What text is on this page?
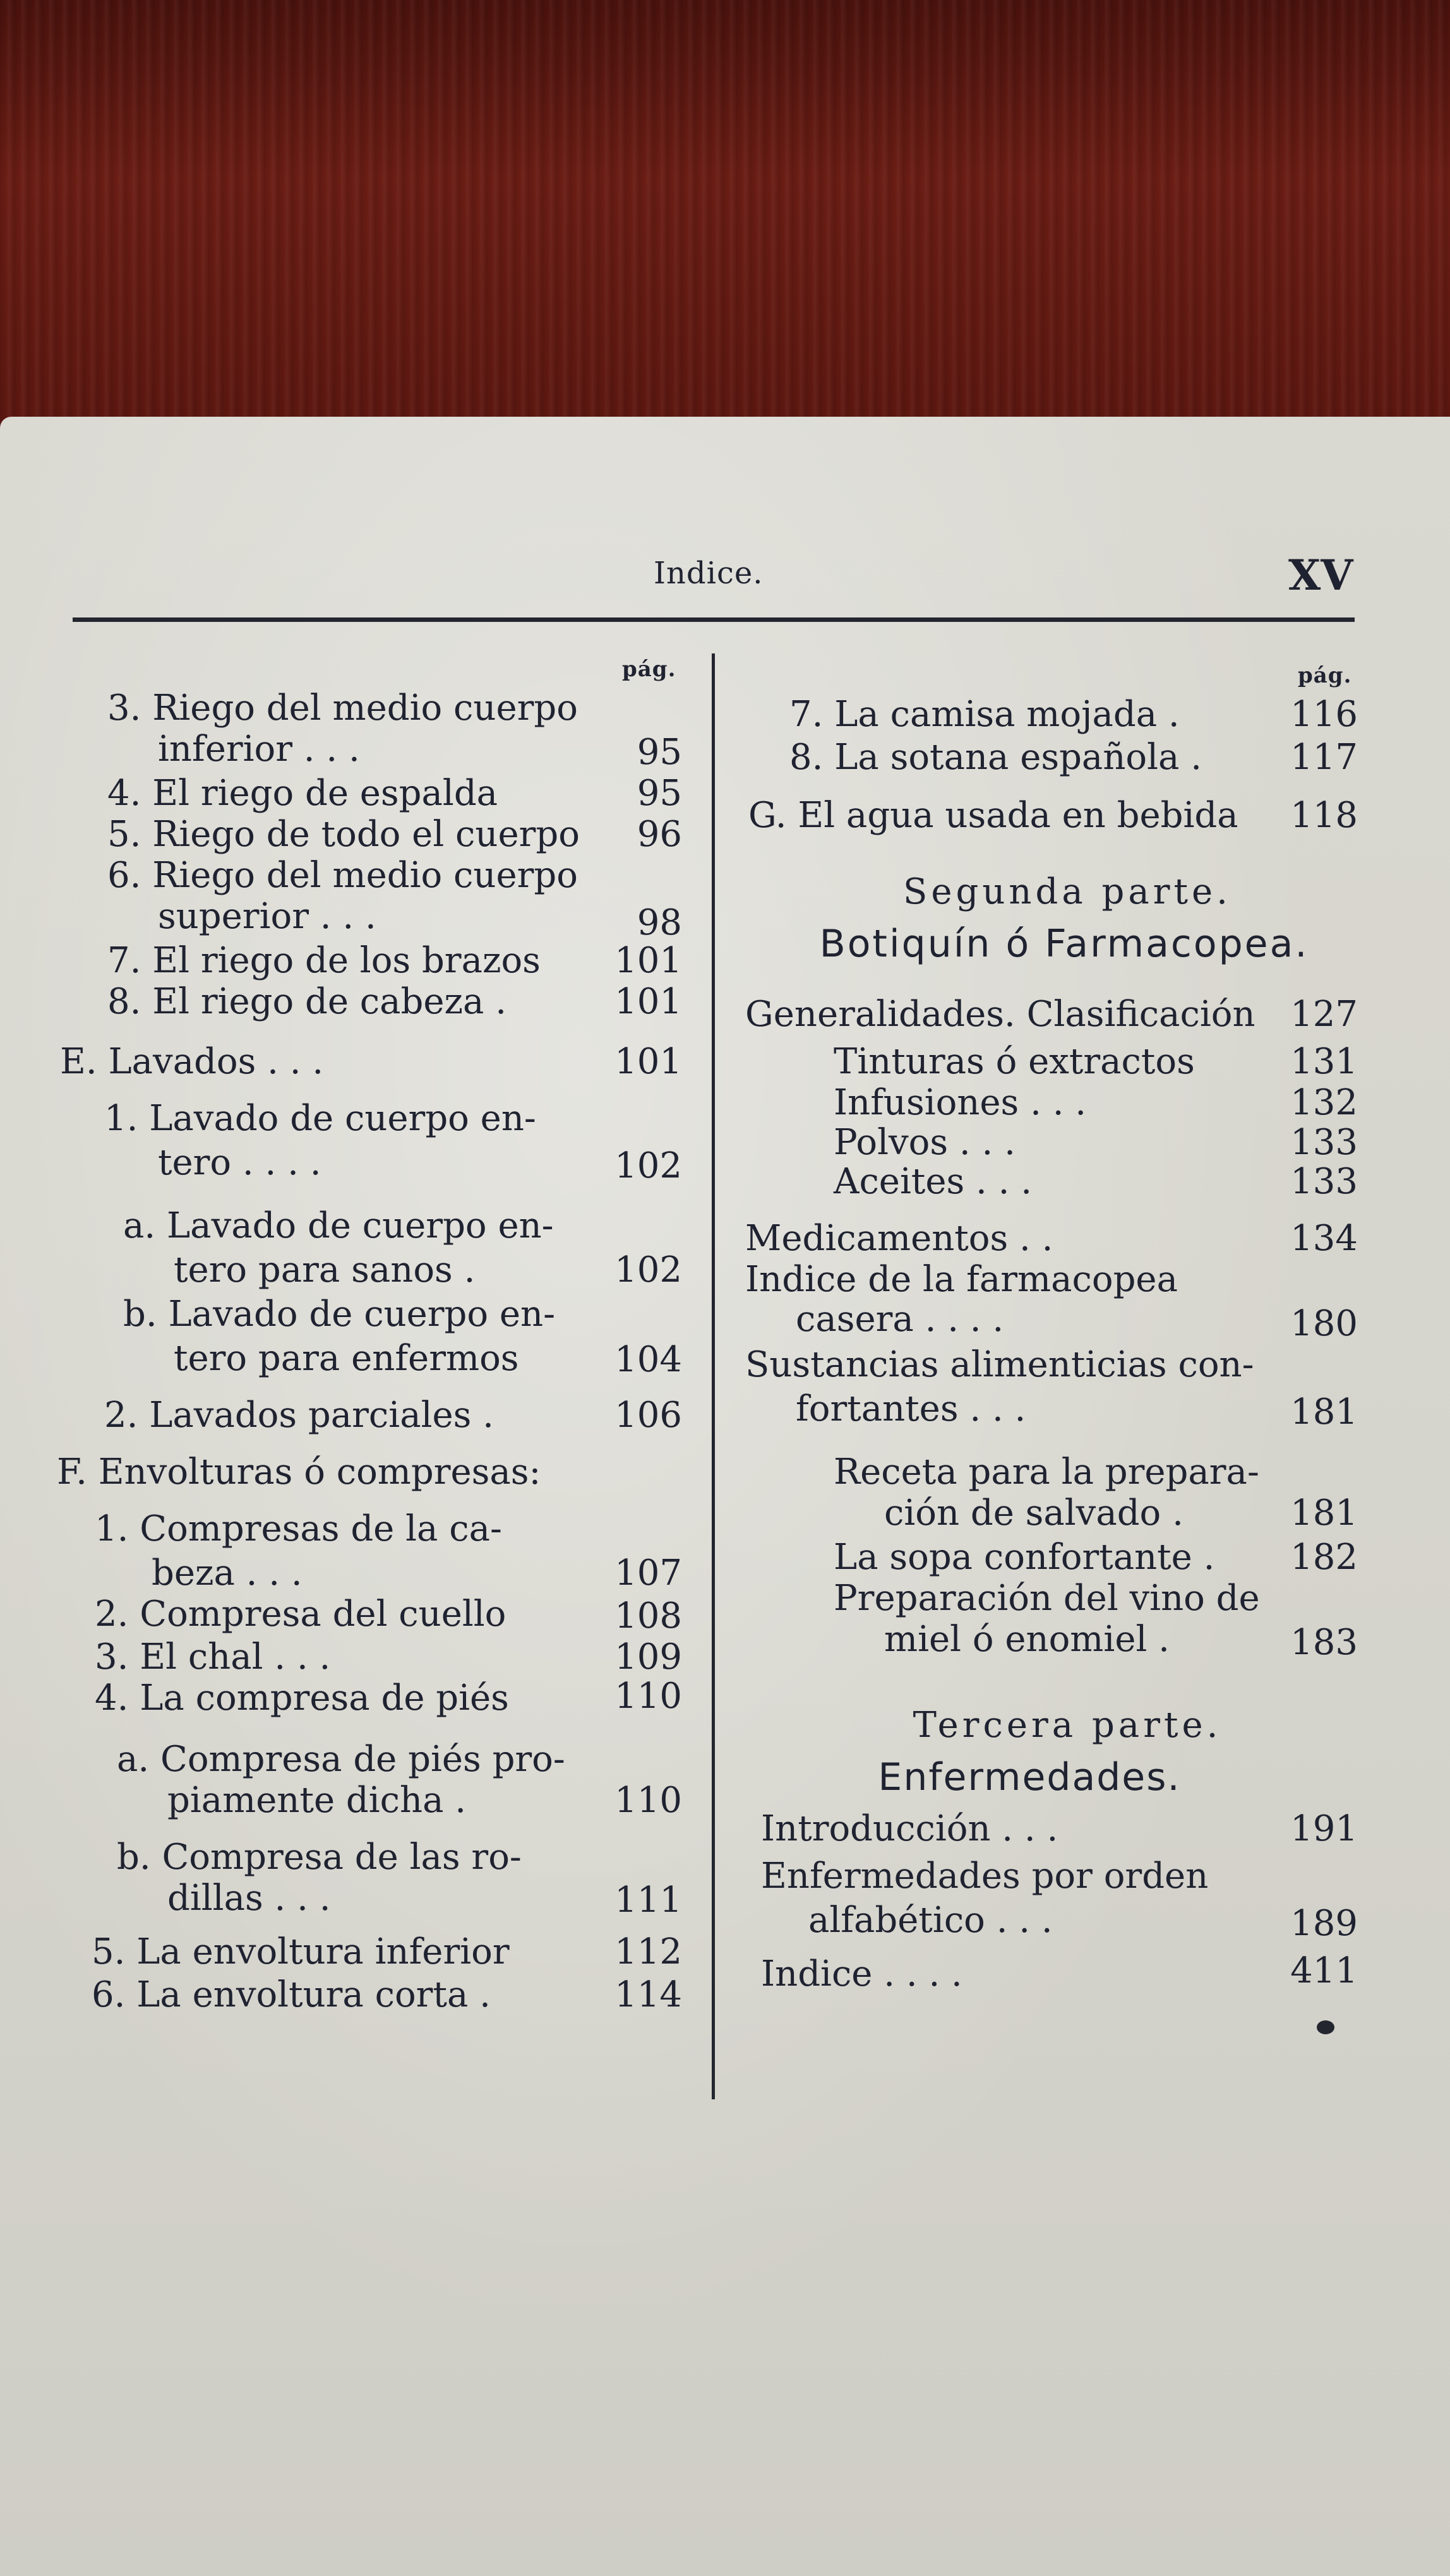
Indice.	XV
pág.	pág.
3. Riego del medio cuerpo
inferior . . .	95
4. El riego de espalda	95
5. Riego de todo el cuerpo	96
6. Riego del medio cuerpo
superior . . .	98
7. El riego de los brazos	101
8. El riego de cabeza .	101
E. Lavados . . .	101
1. Lavado de cuerpo en-
tero . . . .	102
a. Lavado de cuerpo en-
tero para sanos .	102
b. Lavado de cuerpo en-
tero para enfermos	104
2. Lavados parciales .	106
F. Envolturas ó compresas:
1. Compresas de la ca-
beza . . .	107
2. Compresa del cuello	108
3. El chal . . .	109
4. La compresa de piés	110
a. Compresa de piés pro-
piamente dicha .	110
b. Compresa de las ro-
dillas . . .	111
5. La envoltura inferior	112
6. La envoltura corta .	114
7. La camisa mojada .	116
8. La sotana española .	117
G. El agua usada en bebida	118
Segunda parte.
Botiquín ó Farmacopea.
Generalidades. Clasificación 127
Tinturas ó extractos	131
Infusiones . . .	132
Polvos . . .	133
Aceites . . .	133
Medicamentos . .	134
Indice de la farmacopea
casera . . . .	180
Sustancias alimenticias con-
fortantes . . .	181
Receta para la prepara-
ción de salvado .	181
La sopa confortante .	182
Preparación del vino de
miel ó enomiel .	183
Tercera parte.
Enfermedades.
Introducción . . .	191
Enfermedades por orden
alfabético . . .	189
Indice . . . .	411
